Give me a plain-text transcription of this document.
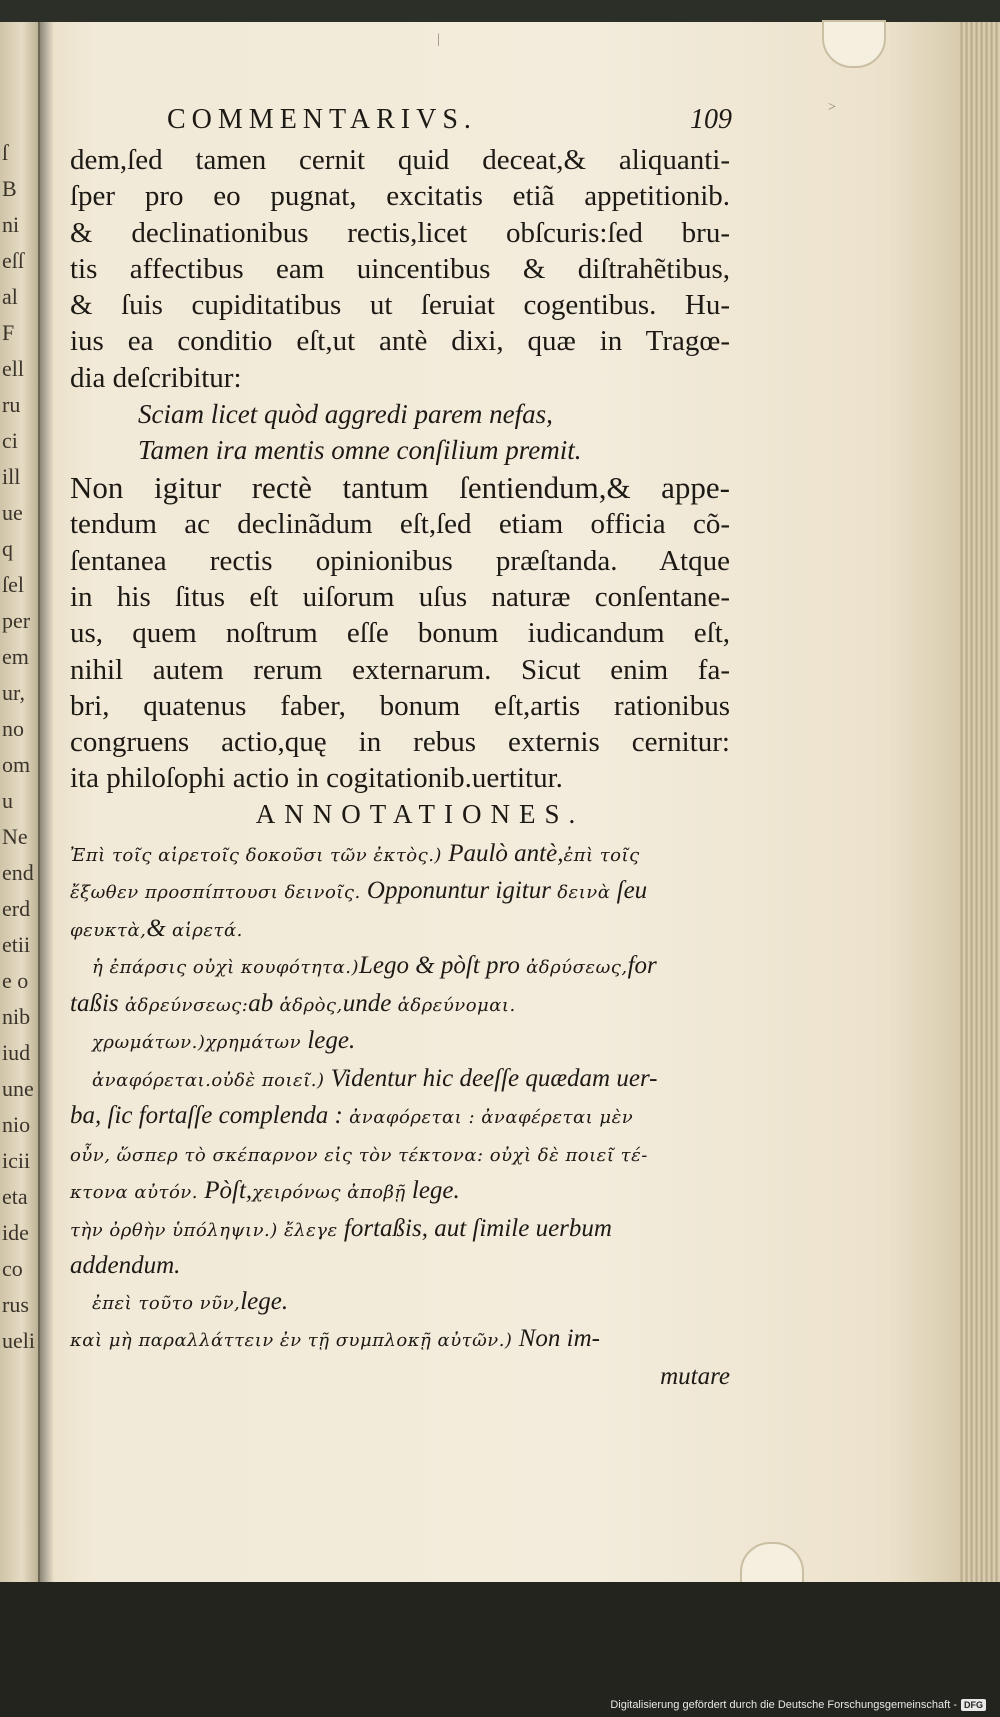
ſ
B
ni
eſſ
al
F
ell
ru
ci
ill
ue
q
ſel
per
em
ur,
no
om
u
Ne
end
erd
etii
e o
nib
iud
une
nio
icii
eta
ide
co
rus
ueli
|
˃
COMMENTARIVS.	109

dem,ſed tamen cernit quid deceat,& aliquanti-
ſper pro eo pugnat, excitatis etiã appetitionib.
& declinationibus rectis,licet obſcuris:ſed bru-
tis affectibus eam uincentibus & diſtrahẽtibus,
& ſuis cupiditatibus ut ſeruiat cogentibus. Hu-
ius ea conditio eſt,ut antè dixi, quæ in Tragœ-
dia deſcribitur:

Sciam licet quòd aggredi parem nefas,
Tamen ira mentis omne conſilium premit.

Non igitur rectè tantum ſentiendum,& appe-
tendum ac declinãdum eſt,ſed etiam officia cõ-
ſentanea rectis opinionibus præſtanda. Atque
in his ſitus eſt uiſorum uſus naturæ conſentane-
us, quem noſtrum eſſe bonum iudicandum eſt,
nihil autem rerum externarum. Sicut enim fa-
bri, quatenus faber, bonum eſt,artis rationibus
congruens actio,quę in rebus externis cernitur:
ita philoſophi actio in cogitationib.uertitur.

ANNOTATIONES.
Ἐπὶ τοῖς αἱρετοῖς δοκοῦσι τῶν ἐκτὸς.) Paulò antè,ἐπὶ τοῖς
ἔξωθεν προσπίπτουσι δεινοῖς. Opponuntur igitur δεινὰ ſeu
φευκτὰ,& αἱρετά.
ἡ ἐπάρσις οὐχὶ κουφότητα.)Lego & pòſt pro ἀδρύσεως,for
taßis ἀδρεύνσεως:ab ἁδρὸς,unde ἁδρεύνομαι.
χρωμάτων.)χρημάτων lege.
ἀναφόρεται.οὐδὲ ποιεῖ.) Videntur hic deeſſe quædam uer-
ba, ſic fortaſſe complenda : ἀναφόρεται : ἀναφέρεται μὲν
οὖν, ὥσπερ τὸ σκέπαρνον εἰς τὸν τέκτονα: οὐχὶ δὲ ποιεῖ τέ-
κτονα αὐτόν. Pòſt,χειρόνως ἀποβῇ lege.
τὴν ὀρθὴν ὑπόληψιν.) ἔλεγε fortaßis, aut ſimile uerbum
addendum.
ἐπεὶ τοῦτο νῦν,lege.
καὶ μὴ παραλλάττειν ἐν τῇ συμπλοκῇ αὐτῶν.) Non im-
mutare
Digitalisierung gefördert durch die Deutsche Forschungsgemeinschaft - DFG
